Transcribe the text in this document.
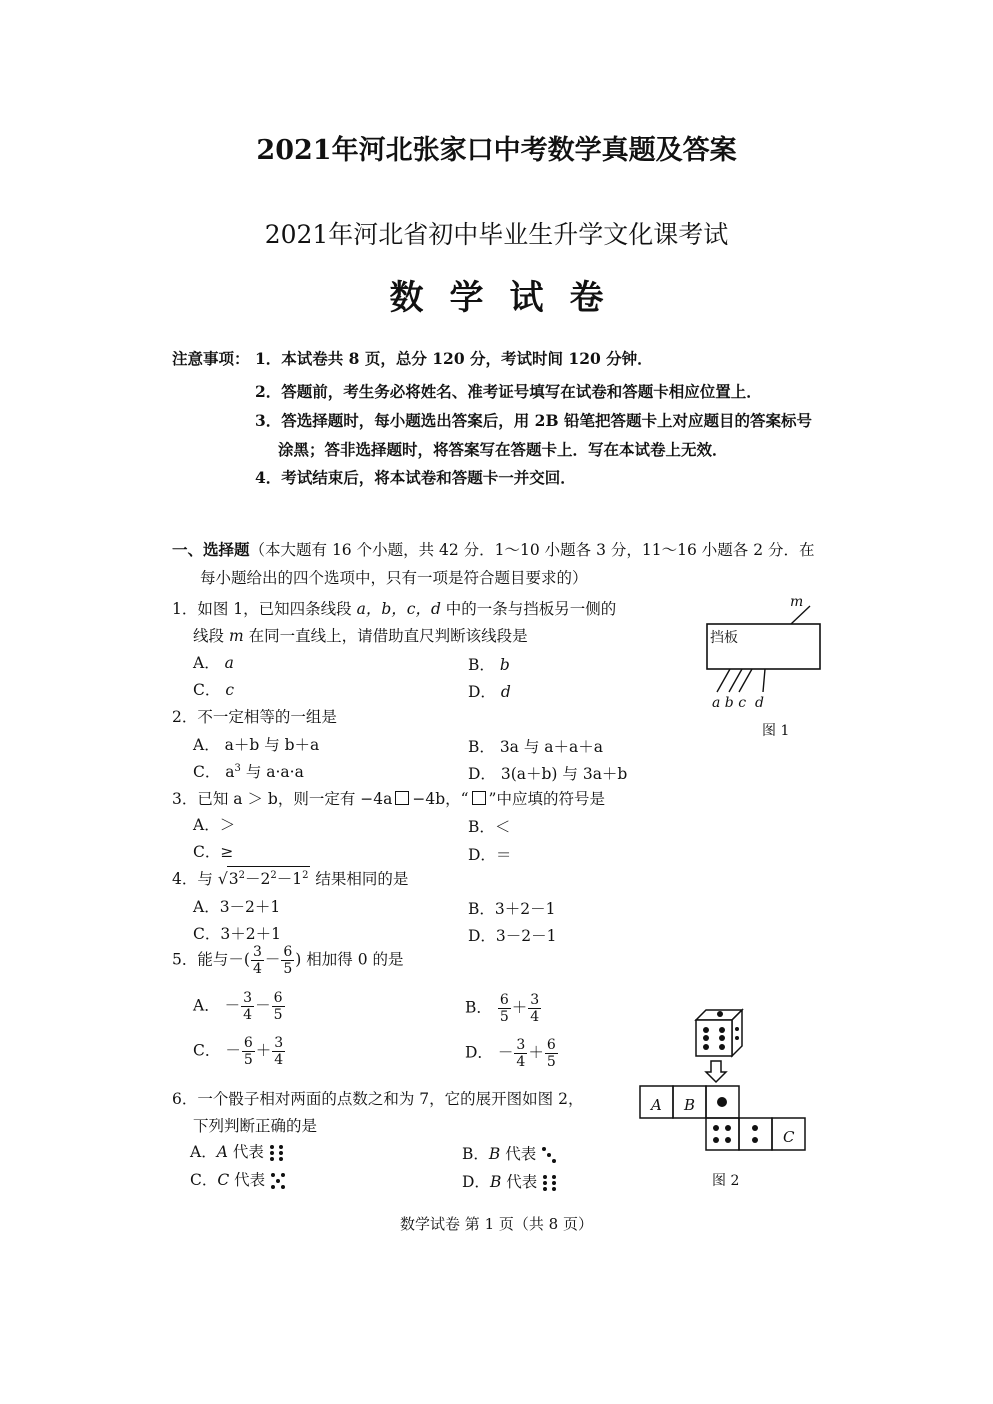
2021年河北张家口中考数学真题及答案
2021年河北省初中毕业生升学文化课考试
数学试卷
注意事项： 1．本试卷共 8 页，总分 120 分，考试时间 120 分钟．
2．答题前，考生务必将姓名、准考证号填写在试卷和答题卡相应位置上．
3．答选择题时，每小题选出答案后，用 2B 铅笔把答题卡上对应题目的答案标号
涂黑；答非选择题时，将答案写在答题卡上．写在本试卷上无效．
4．考试结束后，将本试卷和答题卡一并交回．
一、选择题（本大题有 16 个小题，共 42 分．1～10 小题各 3 分，11～16 小题各 2 分．在
每小题给出的四个选项中，只有一项是符合题目要求的）
1．如图 1，已知四条线段 a，b，c，d 中的一条与挡板另一侧的
线段 m 在同一直线上，请借助直尺判断该线段是
A． a	B． b
C． c	D． d
挡板
m
a b c  d
图 1
2．不一定相等的一组是
A． a＋b 与 b＋a	B． 3a 与 a＋a＋a
C． $a^3$ 与 a·a·a	D． 3(a＋b) 与 3a＋b
3．已知 a ＞ b，则一定有 −4a −4b，“ ”中应填的符号是
A．＞	B．＜
C．≥	D．＝
4．与 $√3^2-2^2-1^2$ 结果相同的是
A．3－2＋1	B．3＋2－1
C．3＋2＋1	D．3－2－1
5．能与－( $\frac{3}{4} - \frac{6}{5}$ ) 相加得 0 的是
A． － $\frac{3}{4} - \frac{6}{5}$	B． $\frac{6}{5} + \frac{3}{4}$
C． － $\frac{6}{5} + \frac{3}{4}$	D． － $\frac{3}{4} + \frac{6}{5}$
6．一个骰子相对两面的点数之和为 7，它的展开图如图 2，
下列判断正确的是
A．A 代表	B．B 代表
C．C 代表	D．B 代表
A B
C
图 2
数学试卷 第 1 页（共 8 页）
